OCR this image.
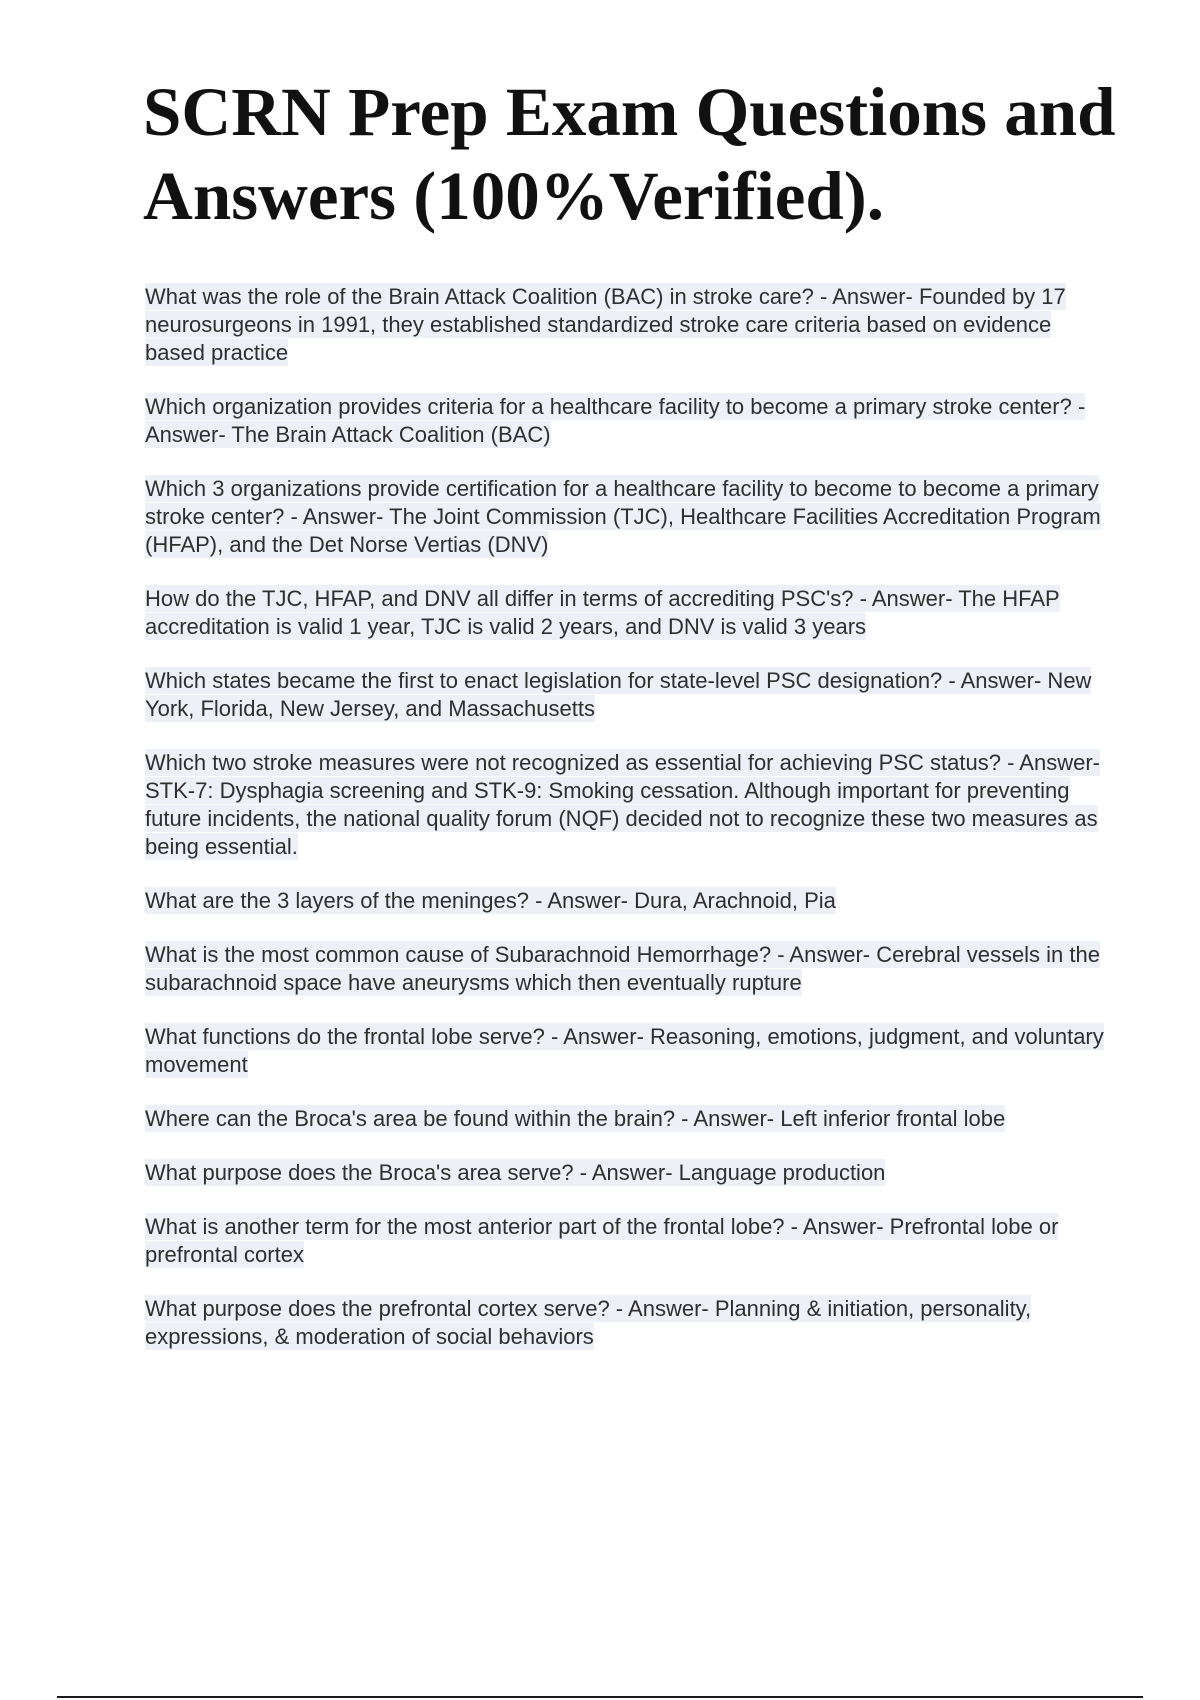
SCRN Prep Exam Questions and Answers (100%Verified).

What was the role of the Brain Attack Coalition (BAC) in stroke care? - Answer- Founded by 17 neurosurgeons in 1991, they established standardized stroke care criteria based on evidence based practice

Which organization provides criteria for a healthcare facility to become a primary stroke center? - Answer- The Brain Attack Coalition (BAC)

Which 3 organizations provide certification for a healthcare facility to become to become a primary stroke center? - Answer- The Joint Commission (TJC), Healthcare Facilities Accreditation Program (HFAP), and the Det Norse Vertias (DNV)

How do the TJC, HFAP, and DNV all differ in terms of accrediting PSC's? - Answer- The HFAP accreditation is valid 1 year, TJC is valid 2 years, and DNV is valid 3 years

Which states became the first to enact legislation for state-level PSC designation? - Answer- New York, Florida, New Jersey, and Massachusetts

Which two stroke measures were not recognized as essential for achieving PSC status? - Answer- STK-7: Dysphagia screening and STK-9: Smoking cessation. Although important for preventing future incidents, the national quality forum (NQF) decided not to recognize these two measures as being essential.

What are the 3 layers of the meninges? - Answer- Dura, Arachnoid, Pia

What is the most common cause of Subarachnoid Hemorrhage? - Answer- Cerebral vessels in the subarachnoid space have aneurysms which then eventually rupture

What functions do the frontal lobe serve? - Answer- Reasoning, emotions, judgment, and voluntary movement

Where can the Broca's area be found within the brain? - Answer- Left inferior frontal lobe

What purpose does the Broca's area serve? - Answer- Language production

What is another term for the most anterior part of the frontal lobe? - Answer- Prefrontal lobe or prefrontal cortex

What purpose does the prefrontal cortex serve? - Answer- Planning & initiation, personality, expressions, & moderation of social behaviors
